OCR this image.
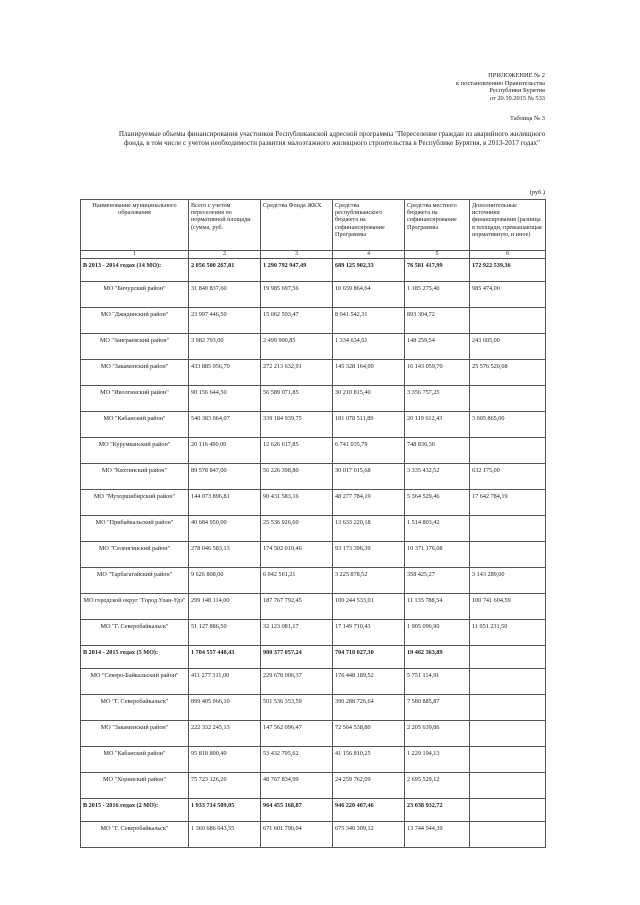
ПРИЛОЖЕНИЕ № 2
к постановлению Правительства
Республики Бурятия
от 20.10.2015 № 533
Таблица № 3
Планируемые объемы финансирования участников Республиканской адресной программы "Переселение граждан из аварийного жилищного фонда, в том числе с учетом необходимости развития малоэтажного жилищного строительства в Республике Бурятия, в 2013-2017 годах"
(руб.)
Наименование муниципального образования	Всего с учетом переселения по нормативной площади (сумма, руб.	Средства Фонда ЖКХ	Средства республиканского бюджета на софинансирование Программы	Средства местного бюджета на софинансирование Программы	Дополнительные источники финансирования (разница в площади, превышающая нормативную, и иное)
1	2	3	4	5	6
В 2013 - 2014 годах (14 МО):	2 056 500 267,81	1 290 792 947,49	689 125 902,33	76 581 417,99	172 922 539,36
МО "Бичурский район"	31 840 837,60	19 985 697,56	10 659 864,64	1 185 275,40	985 474,00
МО "Джидинский район"	23 997 446,50	15 062 593,47	8 041 542,31	893 304,72	
МО "Заиграевский район"	3 982 793,00	2 499 900,85	1 334 634,61	148 259,54	243 605,00
МО "Закаменский район"	433 885 056,70	272 213 632,91	145 328 164,09	16 143 059,70	25 576 520,08
МО "Иволгинский район"	90 156 644,50	56 589 071,85	30 210 815,40	3 356 757,25	
МО "Кабанский район"	540 383 064,07	339 184 939,75	181 078 511,89	20 119 612,43	3 005 865,00
МО "Курумканский район"	20 116 490,00	12 626 617,85	6 741 035,79	748 836,36	
МО "Кяхтинский район"	89 578 847,00	56 226 398,80	30 017 015,68	3 335 432,52	632 175,00
МО "Мухоршибирский район"	144 073 896,81	90 431 583,16	48 277 784,19	5 364 529,46	17 642 784,19
МО "Прибайкальский район"	40 684 950,00	25 536 926,60	13 633 220,18	1 514 803,42	
МО "Селенгинский район"	278 046 583,13	174 502 010,46	93 173 396,39	10 371 176,08	
МО "Тарбагатайский район"	9 626 808,00	6 042 561,21	3 225 878,52	358 425,27	3 143 289,00
МО городской округ "Город Улан-Удэ"	299 148 114,00	187 767 792,45	100 244 533,01	11 135 788,54	100 741 604,59
МО "Г. Северобайкальск"	51 127 886,50	32 123 081,17	17 149 710,43	1 905 096,90	11 951 231,50
В 2014 - 2015 годах (5 МО):	1 704 557 448,43	980 377 057,24	704 718 027,30	19 462 363,89	
МО "Северо-Байкальский район"	411 277 311,00	229 678 006,37	176 448 189,52	5 751 114,91	
МО "Г. Северобайкальск"	899 405 966,10	501 536 353,59	390 288 726,64	7 580 885,87	
МО "Закаменский район"	222 332 245,13	147 562 096,47	72 564 538,80	2 205 639,86	
МО "Кабанский район"	95 818 800,40	53 432 795,62	41 156 810,25	1 229 194,13	
МО "Хоринский район"	75 723 126,20	48 767 834,99	24 259 762,09	2 695 529,12	
В 2015 - 2016 годах (2 МО):	1 933 714 509,05	964 455 168,87	946 220 407,46	23 038 932,72	
МО "Г. Северобайкальск"	1 360 686 643,55	671 601 790,04	675 340 309,12	13 744 544,39	
